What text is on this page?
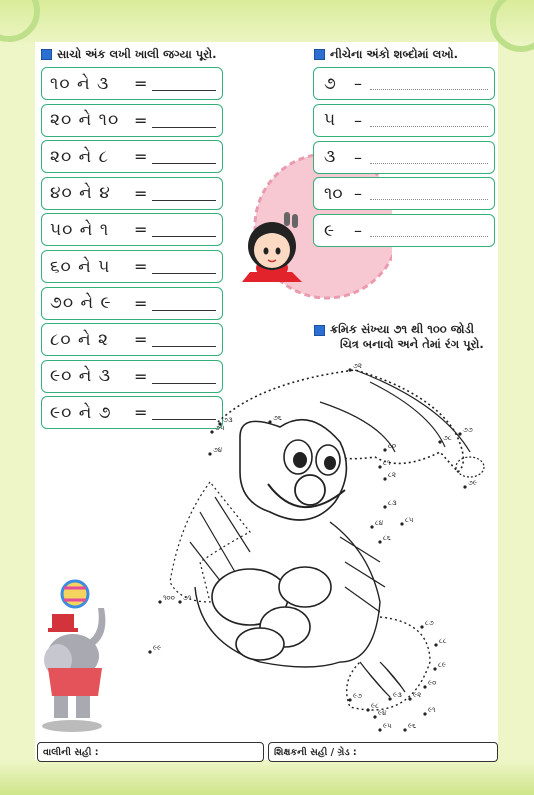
સાચો અંક લખી ખાલી જગ્યા પૂરો.
૧૦ ને ૩	=
૨૦ ને ૧૦ =
૨૦ ને ૮	=
૪૦ ને ૪	=
૫૦ ને ૧	=
૬૦ ને ૫	=
૭૦ ને ૯	=
૮૦ ને ૨	=
૯૦ ને ૩	=
૯૦ ને ૭	=
નીચેના અંકો શબ્દોમાં લખો.
૭	–
૫	–
૩	–
૧૦ –
૯	–
ક્રમિક સંખ્યા ૭૧ થી ૧૦૦ જોડી
ચિત્ર બનાવો અને તેમાં રંગ પૂરો.
૭૧
૭૨
૭૩
૭૪
૭૫
૭૬
૭૭
૭૮
૭૯
૮૦
૮૧
૮૨
૮૩
૮૪	૮૫
૮૬
૮૭
૮૮
૮૯
૯૦
૯૧
૯૨
૯૩
૯૪
૯૫ ૯૬
૯૭
૯૮
૯૯
૧૦૦
વાલીની સહી :	શિક્ષકની સહી / ગ્રેડ :
